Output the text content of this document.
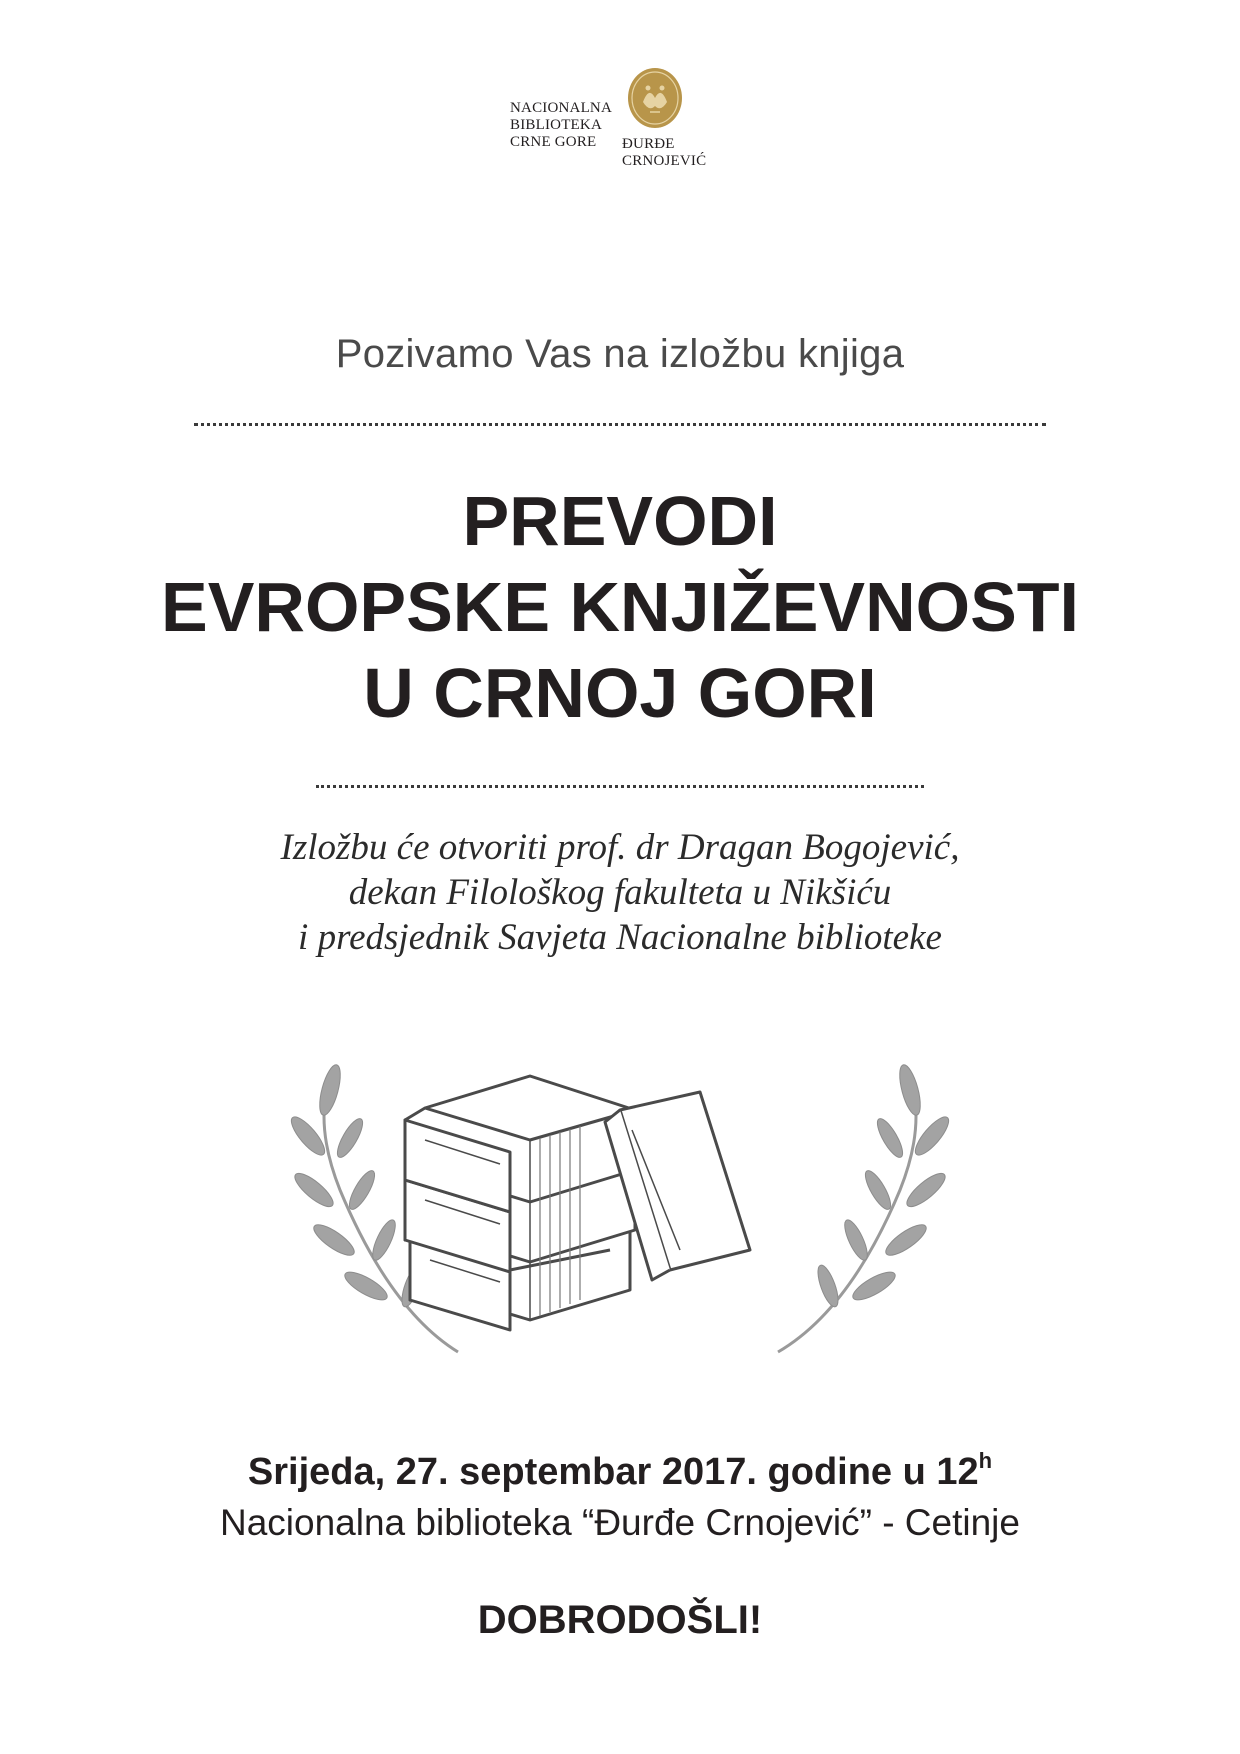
NACIONALNA
BIBLIOTEKA
CRNE GORE	ĐURĐE
CRNOJEVIĆ
Pozivamo Vas na izložbu knjiga
PREVODI
EVROPSKE KNJIŽEVNOSTI
U CRNOJ GORI
Izložbu će otvoriti prof. dr Dragan Bogojević,
dekan Filološkog fakulteta u Nikšiću
i predsjednik Savjeta Nacionalne biblioteke
Srijeda, 27. septembar 2017. godine u 12$^h$
Nacionalna biblioteka “Đurđe Crnojević” - Cetinje
DOBRODOŠLI!
